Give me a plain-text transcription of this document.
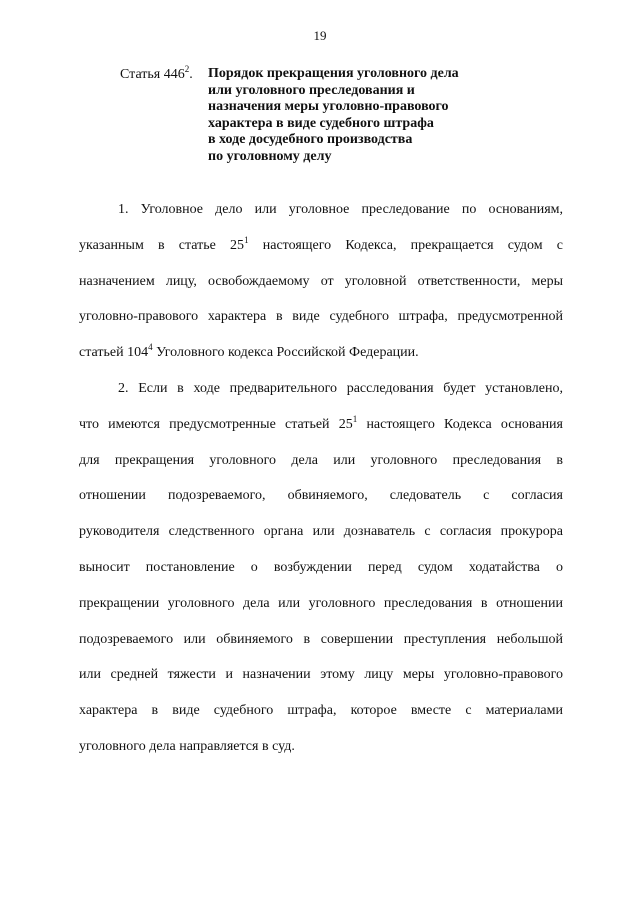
19
Статья $446^2$. Порядок прекращения уголовного дела
или уголовного преследования и
назначения меры уголовно-правового
характера в виде судебного штрафа
в ходе досудебного производства
по уголовному делу
1. Уголовное дело или уголовное преследование по основаниям,
указанным в статье $25^1$ настоящего Кодекса, прекращается судом с
назначением лицу, освобождаемому от уголовной ответственности, меры
уголовно-правового характера в виде судебного штрафа, предусмотренной
статьей $104^4$ Уголовного кодекса Российской Федерации.
2. Если в ходе предварительного расследования будет установлено,
что имеются предусмотренные статьей $25^1$ настоящего Кодекса основания
для прекращения уголовного дела или уголовного преследования в
отношении подозреваемого, обвиняемого, следователь с согласия
руководителя следственного органа или дознаватель с согласия прокурора
выносит постановление о возбуждении перед судом ходатайства о
прекращении уголовного дела или уголовного преследования в отношении
подозреваемого или обвиняемого в совершении преступления небольшой
или средней тяжести и назначении этому лицу меры уголовно-правового
характера в виде судебного штрафа, которое вместе с материалами
уголовного дела направляется в суд.
